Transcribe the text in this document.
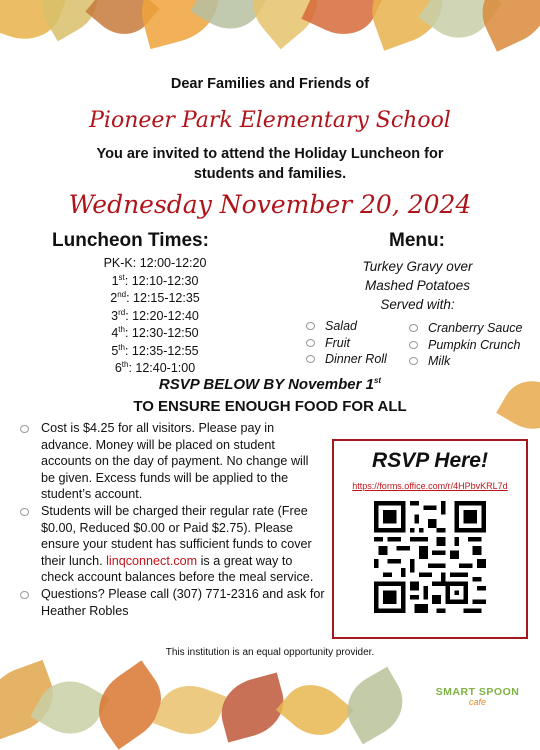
Dear Families and Friends of
Pioneer Park Elementary School
You are invited to attend the Holiday Luncheon for
students and families.
Wednesday November 20, 2024
Luncheon Times:
PK-K: 12:00-12:20
1st: 12:10-12:30
2nd: 12:15-12:35
3rd: 12:20-12:40
4th: 12:30-12:50
5th: 12:35-12:55
6th: 12:40-1:00
Menu:
Turkey Gravy over
Mashed Potatoes
Served with:
Salad
Fruit
Dinner Roll
Cranberry Sauce
Pumpkin Crunch
Milk
RSVP BELOW BY November 1st
TO ENSURE ENOUGH FOOD FOR ALL
Cost is $4.25 for all visitors. Please pay in advance. Money will be placed on student accounts on the day of payment. No change will be given. Excess funds will be applied to the student’s account.
Students will be charged their regular rate (Free $0.00, Reduced $0.00 or Paid $2.75). Please ensure your student has sufficient funds to cover their lunch. linqconnect.com is a great way to check account balances before the meal service.
Questions? Please call (307) 771-2316 and ask for Heather Robles
RSVP Here!
https://forms.office.com/r/4HPbvKRL7d
This institution is an equal opportunity provider.
SMART SPOON
cafe
